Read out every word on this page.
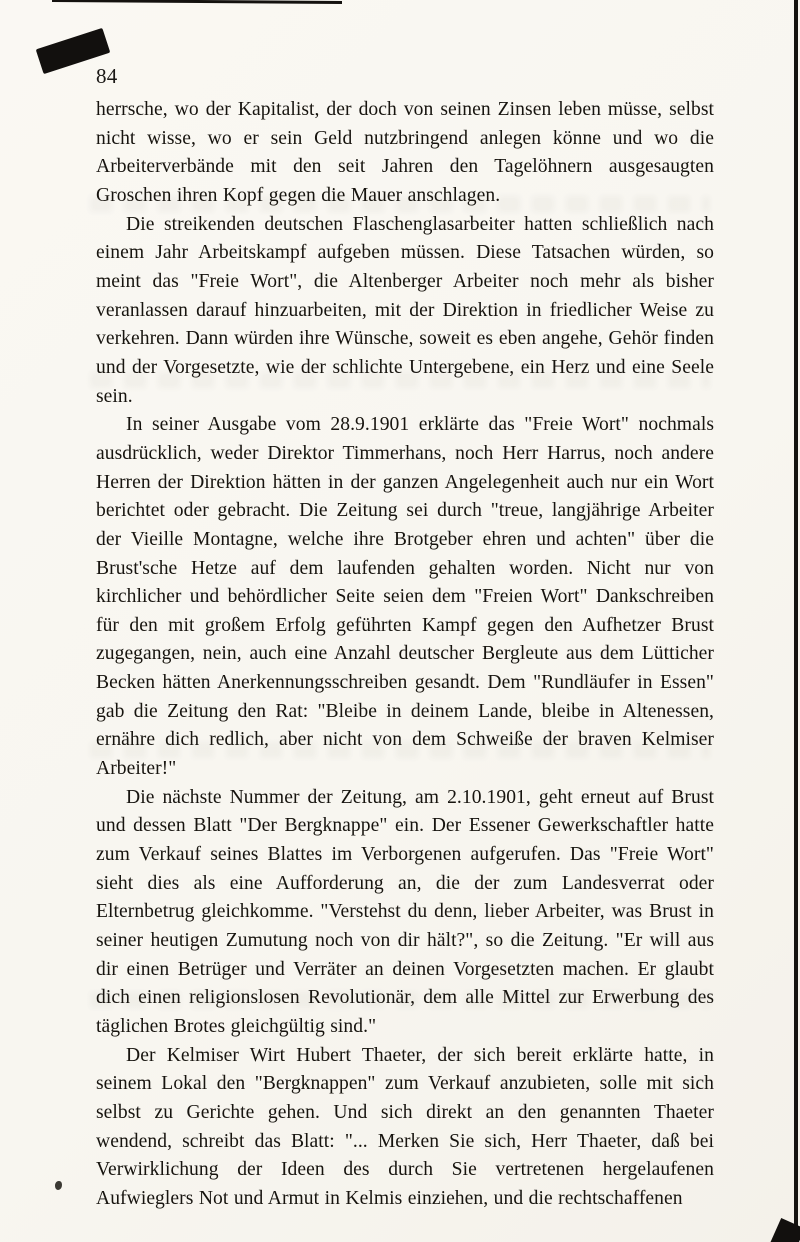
84

herrsche, wo der Kapitalist, der doch von seinen Zinsen leben müsse, selbst nicht wisse, wo er sein Geld nutzbringend anlegen könne und wo die Arbeiterverbände mit den seit Jahren den Tagelöhnern ausgesaugten Groschen ihren Kopf gegen die Mauer anschlagen.

Die streikenden deutschen Flaschenglasarbeiter hatten schließlich nach einem Jahr Arbeitskampf aufgeben müssen. Diese Tatsachen würden, so meint das "Freie Wort", die Altenberger Arbeiter noch mehr als bisher veranlassen darauf hinzuarbeiten, mit der Direktion in friedlicher Weise zu verkehren. Dann würden ihre Wünsche, soweit es eben angehe, Gehör finden und der Vorgesetzte, wie der schlichte Untergebene, ein Herz und eine Seele sein.

In seiner Ausgabe vom 28.9.1901 erklärte das "Freie Wort" nochmals ausdrücklich, weder Direktor Timmerhans, noch Herr Harrus, noch andere Herren der Direktion hätten in der ganzen Angelegenheit auch nur ein Wort berichtet oder gebracht. Die Zeitung sei durch "treue, langjährige Arbeiter der Vieille Montagne, welche ihre Brotgeber ehren und achten" über die Brust'sche Hetze auf dem laufenden gehalten worden. Nicht nur von kirchlicher und behördlicher Seite seien dem "Freien Wort" Dankschreiben für den mit großem Erfolg geführten Kampf gegen den Aufhetzer Brust zugegangen, nein, auch eine Anzahl deutscher Bergleute aus dem Lütticher Becken hätten Anerkennungsschreiben gesandt. Dem "Rundläufer in Essen" gab die Zeitung den Rat: "Bleibe in deinem Lande, bleibe in Altenessen, ernähre dich redlich, aber nicht von dem Schweiße der braven Kelmiser Arbeiter!"

Die nächste Nummer der Zeitung, am 2.10.1901, geht erneut auf Brust und dessen Blatt "Der Bergknappe" ein. Der Essener Gewerkschaftler hatte zum Verkauf seines Blattes im Verborgenen aufgerufen. Das "Freie Wort" sieht dies als eine Aufforderung an, die der zum Landesverrat oder Elternbetrug gleichkomme. "Verstehst du denn, lieber Arbeiter, was Brust in seiner heutigen Zumutung noch von dir hält?", so die Zeitung. "Er will aus dir einen Betrüger und Verräter an deinen Vorgesetzten machen. Er glaubt dich einen religionslosen Revolutionär, dem alle Mittel zur Erwerbung des täglichen Brotes gleichgültig sind."

Der Kelmiser Wirt Hubert Thaeter, der sich bereit erklärte hatte, in seinem Lokal den "Bergknappen" zum Verkauf anzubieten, solle mit sich selbst zu Gerichte gehen. Und sich direkt an den genannten Thaeter wendend, schreibt das Blatt: "... Merken Sie sich, Herr Thaeter, daß bei Verwirklichung der Ideen des durch Sie vertretenen hergelaufenen Aufwieglers Not und Armut in Kelmis einziehen, und die rechtschaffenen
